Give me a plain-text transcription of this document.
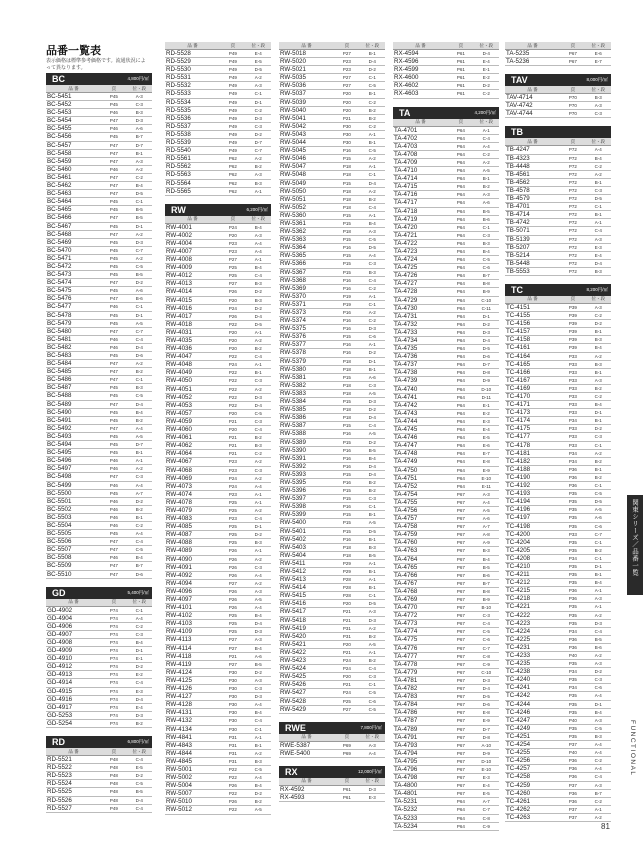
品番一覧表
表示価格は標準参考価格です。流通状況によって異なります。
BC	4,800円/㎡
品 番	頁	位・段
BC-5451	P45	A-3
BC-5452	P45	C-3
BC-5453	P46	B-3
BC-5454	P47	D-3
BC-5455	P46	A-6
BC-5456	P45	B-7
BC-5457	P47	D-7
BC-5458	P47	B-1
BC-5459	P47	A-3
BC-5460	P46	A-2
BC-5461	P47	C-2
BC-5462	P47	B-4
BC-5463	P47	D-5
BC-5464	P45	C-1
BC-5465	P45	B-5
BC-5466	P47	B-5
BC-5467	P45	D-1
BC-5468	P47	A-2
BC-5469	P45	D-3
BC-5470	P45	C-7
BC-5471	P45	A-2
BC-5472	P45	C-5
BC-5473	P45	B-5
BC-5474	P47	D-2
BC-5475	P45	A-6
BC-5476	P47	B-6
BC-5477	P46	C-1
BC-5478	P45	D-1
BC-5479	P45	A-5
BC-5480	P47	C-7
BC-5481	P46	C-4
BC-5482	P46	D-4
BC-5483	P45	D-6
BC-5484	P47	A-2
BC-5485	P47	B-2
BC-5486	P47	C-1
BC-5487	P45	B-3
BC-5488	P45	C-5
BC-5489	P47	D-4
BC-5490	P45	B-4
BC-5491	P45	B-2
BC-5492	P47	A-4
BC-5493	P45	A-5
BC-5494	P45	D-7
BC-5495	P45	B-1
BC-5496	P46	A-1
BC-5497	P46	A-2
BC-5498	P47	C-3
BC-5499	P46	A-4
BC-5500	P45	A-7
BC-5501	P46	D-2
BC-5502	P46	B-2
BC-5503	P46	B-1
BC-5504	P46	C-2
BC-5505	P45	A-4
BC-5506	P47	C-4
BC-5507	P47	C-5
BC-5508	P46	B-4
BC-5509	P47	B-7
BC-5510	P47	D-6
GD	5,400円/㎡
品 番	頁	位・段
GD-4902	P74	C-1
GD-4904	P74	A-4
GD-4906	P74	C-2
GD-4907	P74	C-3
GD-4908	P74	B-4
GD-4909	P74	D-1
GD-4910	P74	E-1
GD-4912	P74	D-2
GD-4913	P74	E-2
GD-4914	P74	C-4
GD-4915	P74	E-3
GD-4916	P74	D-4
GD-4917	P74	E-4
GD-5253	P74	D-3
GD-5254	P74	B-2
RD	6,800円/㎡
品 番	頁	位・段
RD-5521	P48	C-4
RD-5522	P48	E-5
RD-5523	P48	D-2
RD-5524	P48	C-5
RD-5525	P48	B-5
RD-5526	P48	D-4
RD-5527	P49	C-4
品 番	頁	位・段
RD-5528	P49	E-4
RD-5529	P49	E-5
RD-5530	P49	D-5
RD-5531	P49	A-2
RD-5532	P49	A-3
RD-5533	P49	C-1
RD-5534	P49	D-1
RD-5535	P49	C-2
RD-5536	P49	D-3
RD-5537	P49	C-3
RD-5538	P49	D-2
RD-5539	P49	D-7
RD-5540	P49	C-7
RD-5561	P62	A-2
RD-5562	P62	B-2
RD-5563	P62	A-3
RD-5564	P62	B-3
RD-5565	P62	A-1
RW	6,200円/㎡
品 番	頁	位・段
RW-4001	P24	B-4
RW-4002	P20	A-3
RW-4004	P23	A-4
RW-4007	P23	A-4
RW-4008	P27	A-1
RW-4009	P25	B-4
RW-4012	P25	C-4
RW-4013	P27	B-3
RW-4014	P26	D-2
RW-4015	P20	B-3
RW-4016	P24	D-2
RW-4017	P26	D-4
RW-4018	P22	D-5
RW-4031	P20	A-1
RW-4035	P20	A-2
RW-4036	P20	B-2
RW-4047	P22	C-4
RW-4048	P24	A-1
RW-4049	P22	B-1
RW-4050	P22	C-3
RW-4051	P22	A-2
RW-4052	P22	D-3
RW-4053	P22	D-4
RW-4057	P20	C-5
RW-4059	P21	C-3
RW-4060	P20	C-4
RW-4061	P21	B-2
RW-4062	P21	B-3
RW-4064	P21	C-2
RW-4067	P23	A-2
RW-4068	P23	C-3
RW-4069	P24	A-2
RW-4073	P24	A-4
RW-4074	P23	A-1
RW-4078	P25	A-1
RW-4079	P25	A-2
RW-4083	P23	C-4
RW-4085	P25	D-1
RW-4087	P25	D-2
RW-4088	P25	B-3
RW-4089	P26	A-1
RW-4090	P26	A-2
RW-4091	P26	C-3
RW-4092	P26	A-4
RW-4094	P27	A-2
RW-4096	P26	A-3
RW-4097	P26	A-5
RW-4101	P26	A-4
RW-4102	P25	B-4
RW-4103	P25	D-4
RW-4109	P25	D-3
RW-4113	P27	A-3
RW-4114	P27	B-4
RW-4118	P21	A-6
RW-4119	P27	B-5
RW-4124	P30	D-2
RW-4125	P30	A-3
RW-4126	P30	C-3
RW-4127	P30	D-3
RW-4128	P30	A-4
RW-4131	P30	B-4
RW-4132	P30	C-4
RW-4134	P30	C-1
RW-4841	P31	A-1
RW-4843	P31	B-1
RW-4844	P31	A-2
RW-4845	P31	B-3
RW-5001	P22	C-5
RW-5002	P22	A-4
RW-5004	P26	B-4
RW-5007	P22	D-2
RW-5010	P26	B-2
RW-5012	P22	A-5
品 番	頁	位・段
RW-5018	P27	B-1
RW-5020	P23	D-4
RW-5021	P23	D-2
RW-5035	P27	C-1
RW-5036	P27	C-5
RW-5037	P20	B-1
RW-5039	P20	C-2
RW-5040	P20	B-2
RW-5041	P21	B-2
RW-5042	P30	C-2
RW-5043	P30	A-1
RW-5044	P30	B-1
RW-5045	P16	C-5
RW-5046	P15	A-2
RW-5047	P18	A-1
RW-5048	P18	C-1
RW-5049	P15	D-4
RW-5050	P18	A-2
RW-5051	P18	B-2
RW-5052	P18	C-4
RW-5360	P15	A-1
RW-5361	P15	B-4
RW-5362	P18	A-3
RW-5363	P15	C-5
RW-5364	P16	D-5
RW-5365	P15	A-4
RW-5366	P15	C-3
RW-5367	P15	B-3
RW-5368	P16	C-4
RW-5369	P16	C-2
RW-5370	P19	A-1
RW-5371	P19	C-1
RW-5373	P16	A-2
RW-5374	P16	C-2
RW-5375	P16	D-3
RW-5376	P15	C-6
RW-5377	P16	A-1
RW-5378	P16	D-2
RW-5379	P18	D-1
RW-5380	P18	B-1
RW-5381	P15	A-6
RW-5382	P18	C-3
RW-5383	P18	A-5
RW-5384	P15	D-3
RW-5385	P18	D-2
RW-5386	P18	D-4
RW-5387	P15	C-4
RW-5388	P16	A-5
RW-5389	P15	D-2
RW-5390	P16	B-5
RW-5391	P16	B-4
RW-5392	P16	D-4
RW-5393	P15	D-4
RW-5395	P16	B-2
RW-5396	P15	B-2
RW-5397	P15	C-3
RW-5398	P16	C-1
RW-5399	P15	B-1
RW-5400	P15	A-5
RW-5401	P15	D-5
RW-5402	P16	B-1
RW-5403	P18	B-3
RW-5404	P18	B-5
RW-5411	P29	A-1
RW-5412	P29	B-1
RW-5413	P28	A-1
RW-5414	P28	B-1
RW-5415	P28	C-1
RW-5416	P20	D-5
RW-5417	P21	A-3
RW-5418	P21	D-3
RW-5419	P31	A-2
RW-5420	P31	B-2
RW-5421	P20	A-5
RW-5422	P21	A-1
RW-5423	P24	B-2
RW-5424	P24	C-4
RW-5425	P20	C-3
RW-5426	P21	C-1
RW-5427	P24	C-5
RW-5428	P25	C-6
RW-5429	P27	C-5
RWE	7,800円/㎡
品 番	頁	位・段
RWE-5387	P69	A-3
RWE-5400	P69	A-4
RX	12,000円/㎡
品 番	頁	位・段
RX-4592	P61	D-3
RX-4593	P61	E-3
品 番	頁	位・段
RX-4594	P61	D-4
RX-4596	P61	E-4
RX-4599	P61	E-1
RX-4600	P61	E-2
RX-4602	P61	D-2
RX-4603	P61	C-2
TA	4,200円/㎡
品 番	頁	位・段
TA-4701	P64	A-1
TA-4702	P64	C-4
TA-4703	P64	A-4
TA-4708	P64	C-2
TA-4709	P64	A-2
TA-4710	P64	A-5
TA-4714	P64	B-1
TA-4715	P64	B-2
TA-4716	P64	A-3
TA-4717	P64	A-6
TA-4718	P64	B-5
TA-4719	P64	B-6
TA-4720	P64	C-1
TA-4721	P64	C-3
TA-4722	P64	B-3
TA-4723	P64	B-4
TA-4724	P64	C-5
TA-4725	P64	C-6
TA-4726	P64	B-7
TA-4727	P64	B-8
TA-4728	P64	B-9
TA-4729	P64	C-10
TA-4730	P64	C-11
TA-4731	P64	D-1
TA-4732	P64	D-2
TA-4733	P64	D-3
TA-4734	P64	D-4
TA-4735	P64	D-5
TA-4736	P64	D-6
TA-4737	P64	D-7
TA-4738	P64	D-8
TA-4739	P64	D-9
TA-4740	P64	D-10
TA-4741	P64	D-11
TA-4742	P64	E-1
TA-4743	P64	E-2
TA-4744	P64	E-3
TA-4745	P64	E-4
TA-4746	P64	E-5
TA-4747	P64	E-6
TA-4748	P64	E-7
TA-4749	P64	E-8
TA-4750	P64	E-9
TA-4751	P64	E-10
TA-4752	P64	E-11
TA-4754	P67	A-3
TA-4755	P67	A-4
TA-4756	P67	A-5
TA-4757	P67	A-6
TA-4758	P67	A-7
TA-4759	P67	A-8
TA-4760	P67	A-9
TA-4763	P67	B-3
TA-4764	P67	B-4
TA-4765	P67	B-5
TA-4766	P67	B-6
TA-4767	P67	B-7
TA-4768	P67	B-8
TA-4769	P67	B-9
TA-4770	P67	B-10
TA-4772	P67	C-3
TA-4773	P67	C-4
TA-4774	P67	C-5
TA-4775	P67	C-6
TA-4776	P67	C-7
TA-4777	P67	C-8
TA-4778	P67	C-9
TA-4779	P67	C-10
TA-4781	P67	D-3
TA-4782	P67	D-4
TA-4783	P67	D-5
TA-4784	P67	D-6
TA-4786	P67	E-8
TA-4787	P67	E-9
TA-4789	P67	D-7
TA-4791	P67	D-8
TA-4793	P67	A-10
TA-4794	P67	D-9
TA-4795	P67	D-10
TA-4796	P67	E-10
TA-4798	P67	E-3
TA-4800	P67	E-4
TA-4801	P67	E-5
TA-5231	P64	A-7
TA-5232	P64	C-7
TA-5233	P64	C-8
TA-5234	P64	C-9
品 番	頁	位・段
TA-5235	P67	E-6
TA-5236	P67	E-7
TAV	8,000円/㎡
品 番	頁	位・段
TAV-4714	P70	B-3
TAV-4742	P70	A-3
TAV-4744	P70	C-3
TB
品 番	頁	位・段
TB-4247	P72	A-4
TB-4323	P72	B-4
TB-4448	P72	C-2
TB-4561	P72	A-2
TB-4562	P72	B-1
TB-4578	P72	C-3
TB-4579	P72	D-5
TB-4701	P72	C-1
TB-4714	P72	B-1
TB-4742	P72	A-1
TB-5071	P72	C-4
TB-5139	P72	A-3
TB-5207	P72	E-3
TB-5214	P72	E-4
TB-5448	P72	D-4
TB-5553	P72	B-3
TC	8,200円/㎡
品 番	頁	位・段
TC-4151	P39	A-3
TC-4155	P39	C-2
TC-4156	P39	D-2
TC-4157	P39	B-1
TC-4158	P39	B-3
TC-4161	P39	B-4
TC-4164	P33	A-2
TC-4165	P33	B-3
TC-4166	P33	B-1
TC-4167	P33	A-3
TC-4169	P33	B-2
TC-4170	P33	C-2
TC-4171	P33	B-4
TC-4173	P33	D-1
TC-4174	P34	B-1
TC-4175	P33	D-2
TC-4177	P33	C-3
TC-4178	P33	C-1
TC-4181	P34	A-2
TC-4182	P34	B-2
TC-4188	P36	B-1
TC-4190	P36	B-2
TC-4192	P36	C-1
TC-4193	P35	C-5
TC-4194	P35	D-5
TC-4196	P35	A-5
TC-4197	P35	A-6
TC-4198	P35	C-6
TC-4200	P33	C-7
TC-4204	P35	C-1
TC-4205	P35	B-2
TC-4208	P34	C-1
TC-4210	P35	D-1
TC-4211	P35	B-1
TC-4212	P35	B-4
TC-4215	P36	A-1
TC-4218	P36	A-3
TC-4221	P35	A-1
TC-4222	P35	A-2
TC-4223	P35	D-3
TC-4224	P34	C-4
TC-4225	P36	B-5
TC-4231	P36	B-6
TC-4233	P40	A-2
TC-4235	P35	A-3
TC-4238	P34	D-2
TC-4240	P35	C-3
TC-4241	P34	C-6
TC-4242	P35	A-4
TC-4244	P35	D-1
TC-4246	P35	B-4
TC-4247	P40	A-3
TC-4249	P35	C-5
TC-4251	P35	B-3
TC-4254	P37	A-4
TC-4255	P40	A-4
TC-4256	P36	C-2
TC-4257	P36	A-4
TC-4258	P36	C-4
TC-4259	P37	A-3
TC-4260	P36	B-7
TC-4261	P36	C-2
TC-4262	P37	A-1
TC-4263	P37	A-2
関東シリーズ／品番一覧
FUNCTIONAL
81
